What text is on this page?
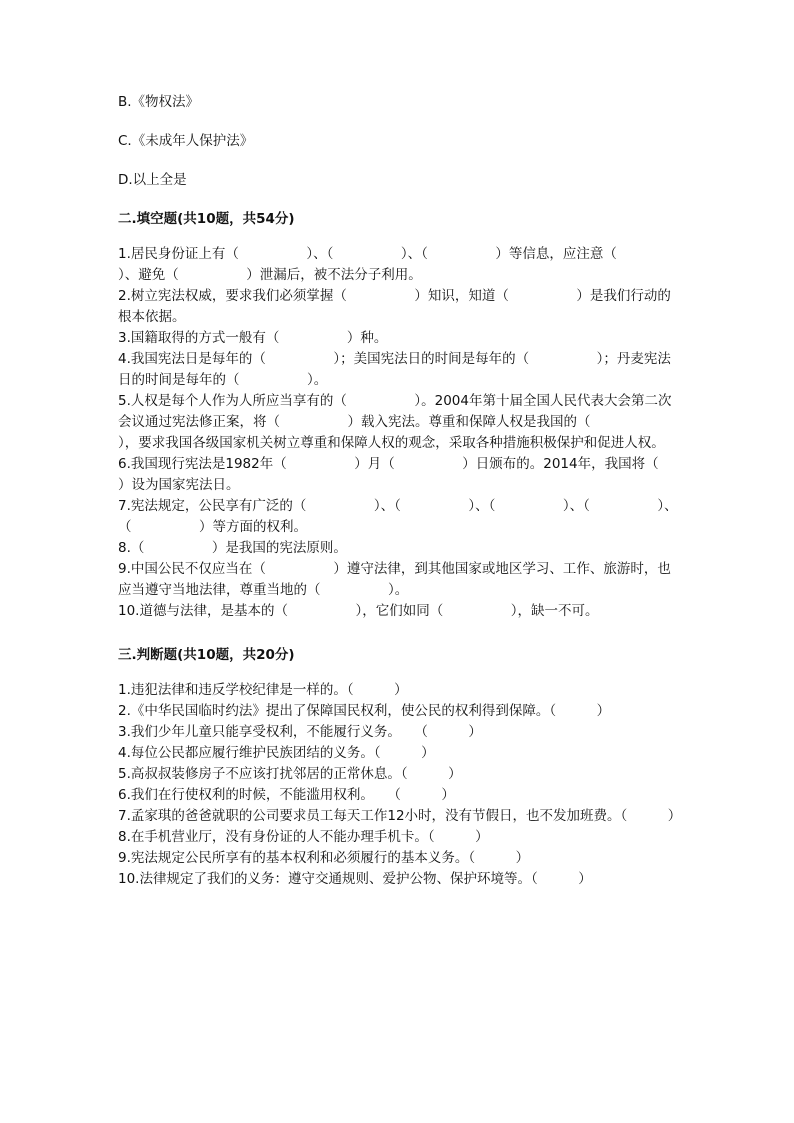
B.《物权法》
C.《未成年人保护法》
D.以上全是
二.填空题(共10题，共54分)
1.居民身份证上有（　　　　　）、（　　　　　）、（　　　　　）等信息，应注意（　　　　　）、避免（　　　　　）泄漏后，被不法分子利用。
2.树立宪法权威，要求我们必须掌握（　　　　　）知识，知道（　　　　　）是我们行动的根本依据。
3.国籍取得的方式一般有（　　　　　）种。
4.我国宪法日是每年的（　　　　　）；美国宪法日的时间是每年的（　　　　　）；丹麦宪法日的时间是每年的（　　　　　）。
5.人权是每个人作为人所应当享有的（　　　　　）。2004年第十届全国人民代表大会第二次会议通过宪法修正案，将（　　　　　）载入宪法。尊重和保障人权是我国的（　　　　　），要求我国各级国家机关树立尊重和保障人权的观念，采取各种措施积极保护和促进人权。
6.我国现行宪法是1982年（　　　　　）月（　　　　　）日颁布的。2014年，我国将（　　　　　）设为国家宪法日。
7.宪法规定，公民享有广泛的（　　　　　）、（　　　　　）、（　　　　　）、（　　　　　）、（　　　　　）等方面的权利。
8.（　　　　　）是我国的宪法原则。
9.中国公民不仅应当在（　　　　　）遵守法律，到其他国家或地区学习、工作、旅游时，也应当遵守当地法律，尊重当地的（　　　　　）。
10.道德与法律，是基本的（　　　　　），它们如同（　　　　　），缺一不可。
三.判断题(共10题，共20分)
1.违犯法律和违反学校纪律是一样的。（　　　）
2.《中华民国临时约法》提出了保障国民权利，使公民的权利得到保障。（　　　）
3.我们少年儿童只能享受权利，不能履行义务。　　（　　　）
4.每位公民都应履行维护民族团结的义务。（　　　）
5.高叔叔装修房子不应该打扰邻居的正常休息。（　　　）
6.我们在行使权利的时候，不能滥用权利。　　（　　　）
7.孟家琪的爸爸就职的公司要求员工每天工作12小时，没有节假日，也不发加班费。（　　　）
8.在手机营业厅，没有身份证的人不能办理手机卡。（　　　）
9.宪法规定公民所享有的基本权利和必须履行的基本义务。（　　　）
10.法律规定了我们的义务：遵守交通规则、爱护公物、保护环境等。（　　　）
